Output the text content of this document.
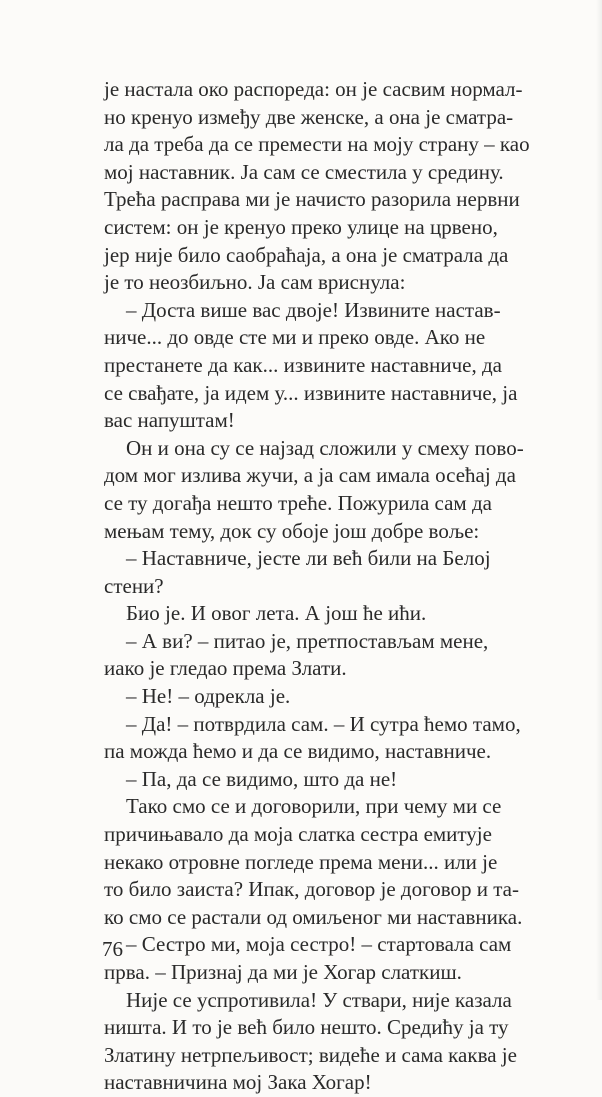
је настала око распореда: он је сасвим нормал-
но кренуо између две женске, а она је сматра-
ла да треба да се премести на моју страну – као
мој наставник. Ја сам се сместила у средину.
Трећа расправа ми је начисто разорила нервни
систем: он је кренуо преко улице на црвено,
јер није било саобраћаја, а она је сматрала да
је то неозбиљно. Ја сам вриснула:
– Доста више вас двоје! Извините настав-
ниче... до овде сте ми и преко овде. Ако не
престанете да как... извините наставниче, да
се свађате, ја идем у... извините наставниче, ја
вас напуштам!
Он и она су се најзад сложили у смеху пово-
дом мог излива жучи, а ја сам имала осећај да
се ту догађа нешто треће. Пожурила сам да
мењам тему, док су обоје још добре воље:
– Наставниче, јесте ли већ били на Белој
стени?
Био је. И овог лета. А још ће ићи.
– А ви? – питао је, претпостављам мене,
иако је гледао према Злати.
– Не! – одрекла је.
– Да! – потврдила сам. – И сутра ћемо тамо,
па можда ћемо и да се видимо, наставниче.
– Па, да се видимо, што да не!
Тако смо се и договорили, при чему ми се
причињавало да моја слатка сестра емитује
некако отровне погледе према мени... или је
то било заиста? Ипак, договор је договор и та-
ко смо се растали од омиљеног ми наставника.
– Сестро ми, моја сестро! – стартовала сам
прва. – Признај да ми је Хогар слаткиш.
Није се успротивила! У ствари, није казала
ништа. И то је већ било нешто. Средићу ја ту
Златину нетрпељивост; видеће и сама каква је
наставничина мој Зака Хогар!
76
